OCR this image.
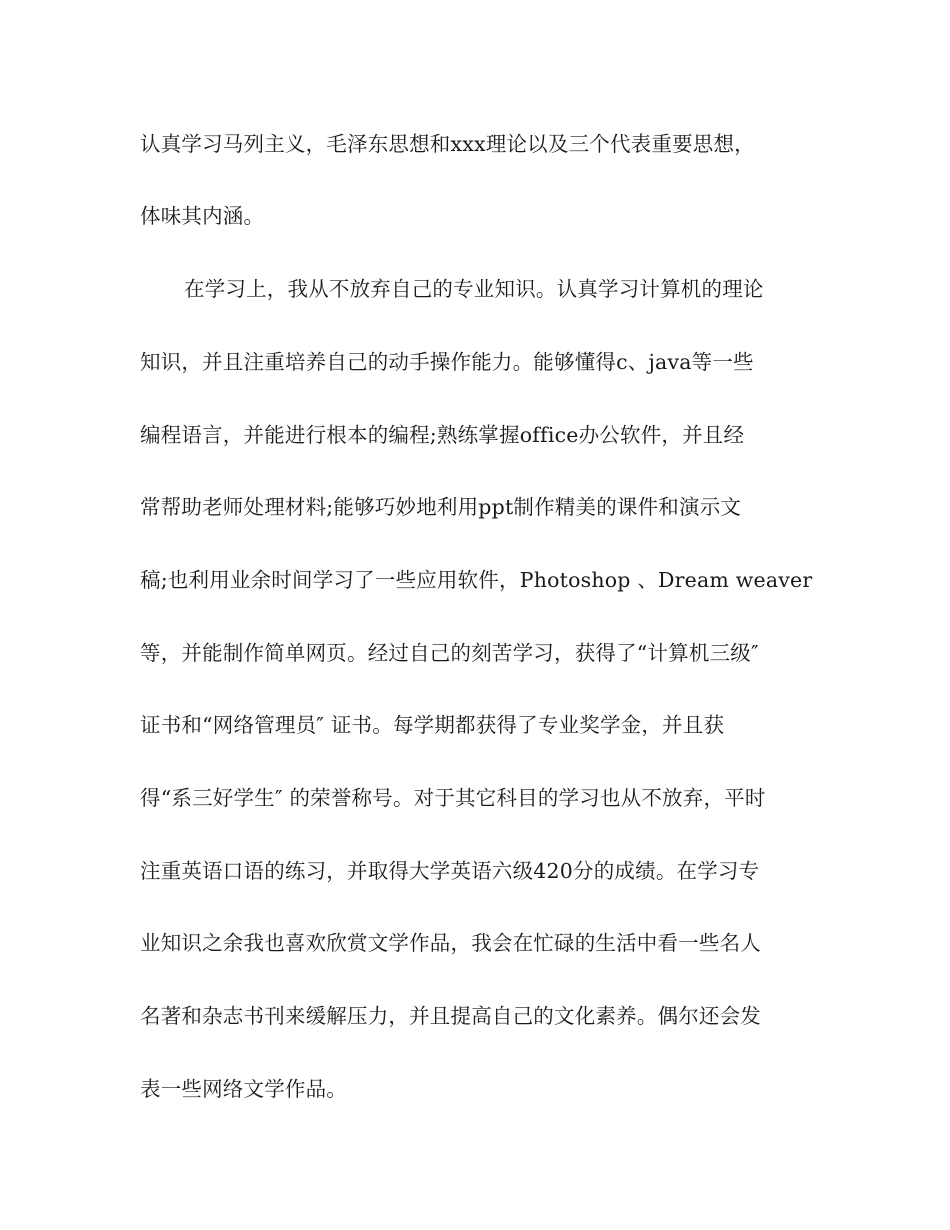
认真学习马列主义，毛泽东思想和xxx理论以及三个代表重要思想，
体味其内涵。
在学习上，我从不放弃自己的专业知识。认真学习计算机的理论
知识，并且注重培养自己的动手操作能力。能够懂得c、java等一些
编程语言，并能进行根本的编程;熟练掌握office办公软件，并且经
常帮助老师处理材料;能够巧妙地利用ppt制作精美的课件和演示文
稿;也利用业余时间学习了一些应用软件，Photoshop 、Dream weaver
等，并能制作简单网页。经过自己的刻苦学习，获得了“计算机三级″
证书和“网络管理员″ 证书。每学期都获得了专业奖学金，并且获
得“系三好学生″ 的荣誉称号。对于其它科目的学习也从不放弃，平时
注重英语口语的练习，并取得大学英语六级420分的成绩。在学习专
业知识之余我也喜欢欣赏文学作品，我会在忙碌的生活中看一些名人
名著和杂志书刊来缓解压力，并且提高自己的文化素养。偶尔还会发
表一些网络文学作品。
